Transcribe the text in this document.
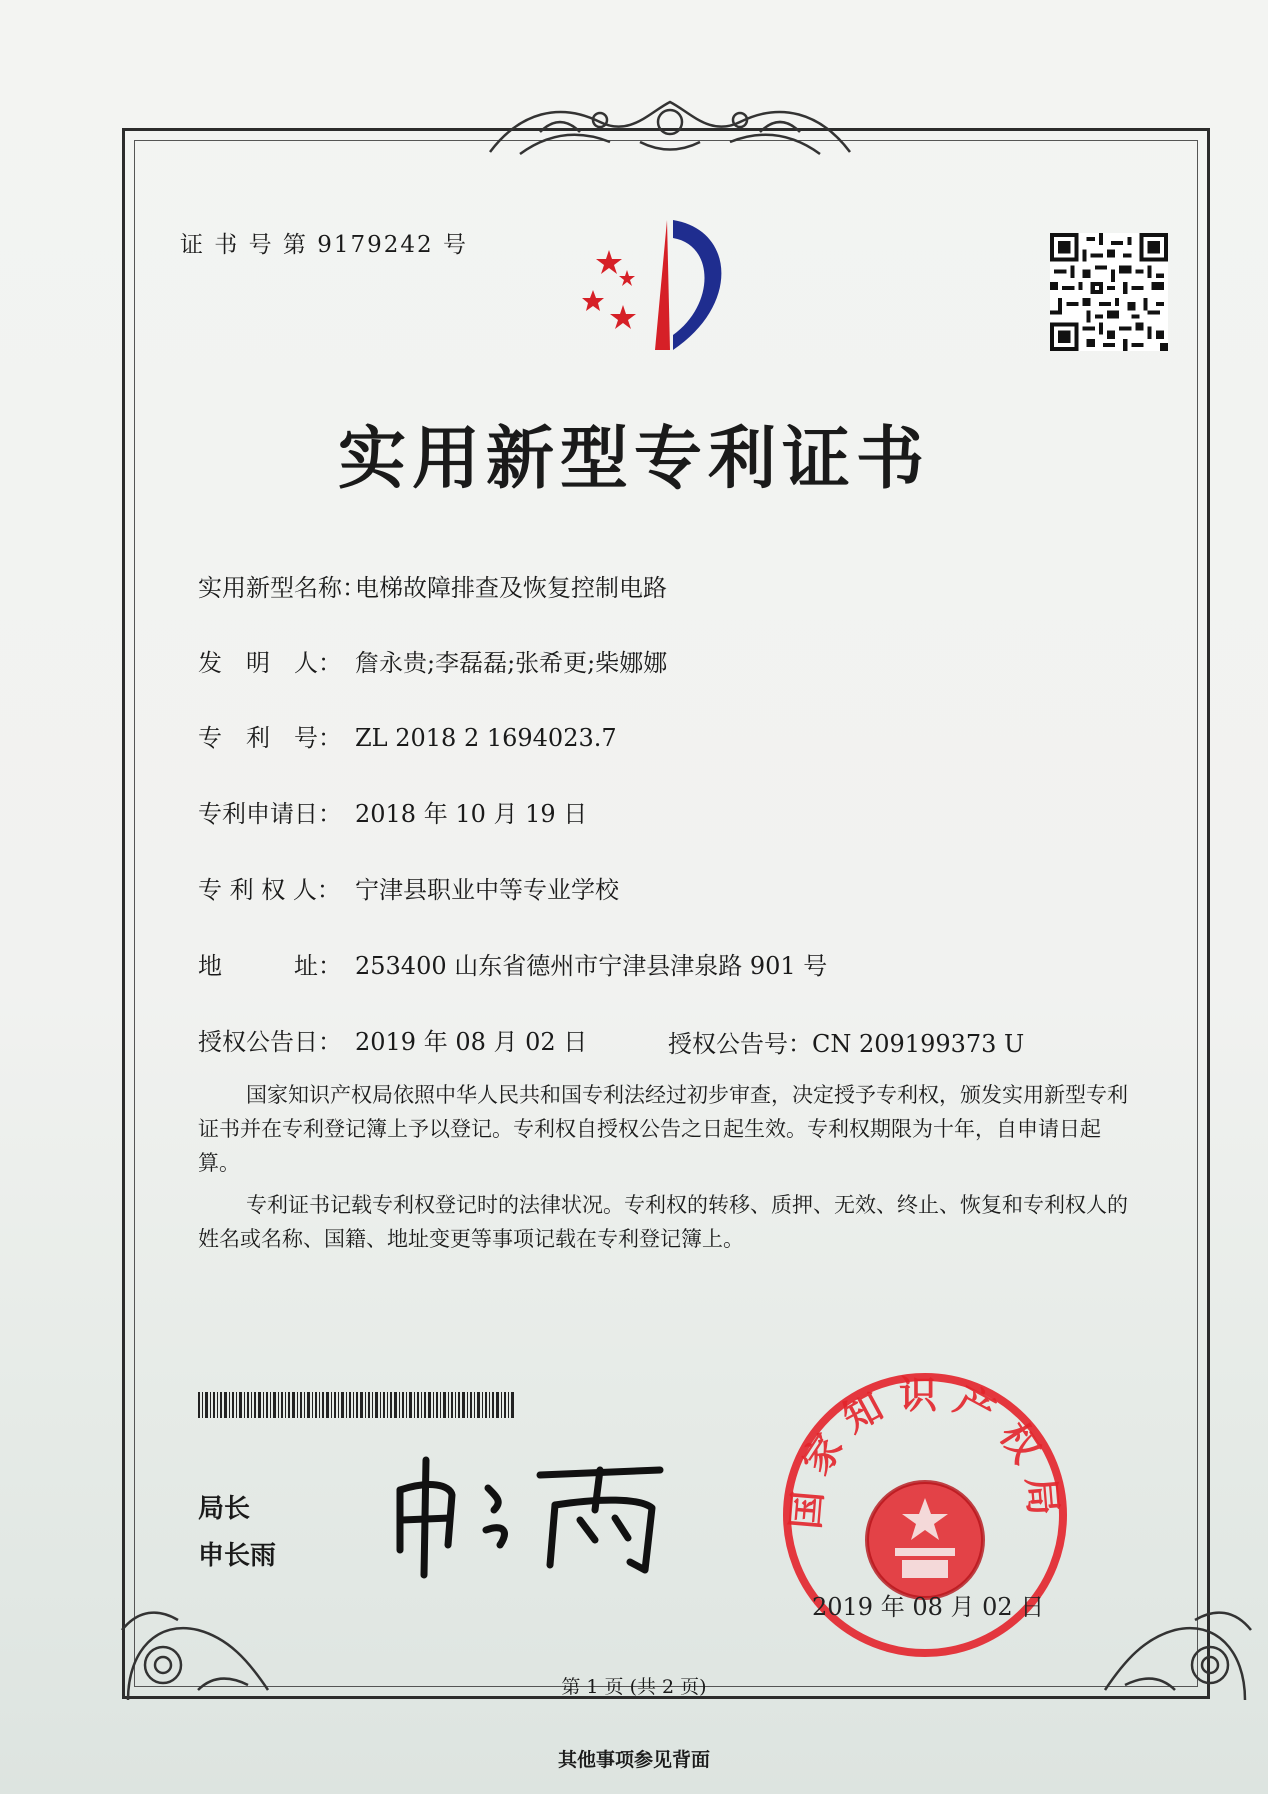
证 书 号 第 9179242 号
实用新型专利证书
实用新型名称：电梯故障排查及恢复控制电路
发　明　人： 詹永贵;李磊磊;张希更;柴娜娜
专　利　号： ZL 2018 2 1694023.7
专利申请日： 2018 年 10 月 19 日
专 利 权 人： 宁津县职业中等专业学校
地　　　址： 253400 山东省德州市宁津县津泉路 901 号
授权公告日： 2019 年 08 月 02 日	授权公告号：CN 209199373 U
国家知识产权局依照中华人民共和国专利法经过初步审查，决定授予专利权，颁发实用新型专利证书并在专利登记簿上予以登记。专利权自授权公告之日起生效。专利权期限为十年，自申请日起算。
专利证书记载专利权登记时的法律状况。专利权的转移、质押、无效、终止、恢复和专利权人的姓名或名称、国籍、地址变更等事项记载在专利登记簿上。
局长
申长雨
国家知识产权局
2019 年 08 月 02 日
第 1 页 (共 2 页)
其他事项参见背面
